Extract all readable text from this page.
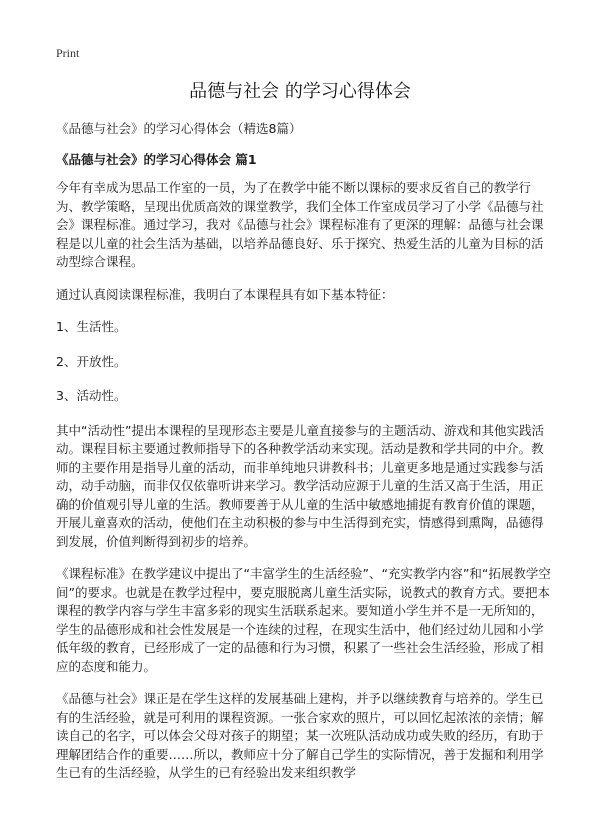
Print
品德与社会 的学习心得体会
《品德与社会》的学习心得体会（精选8篇）
《品德与社会》的学习心得体会 篇1

今年有幸成为思品工作室的一员，为了在教学中能不断以课标的要求反省自己的教学行为、教学策略，呈现出优质高效的课堂教学，我们全体工作室成员学习了小学《品德与社会》课程标准。通过学习，我对《品德与社会》课程标准有了更深的理解：品德与社会课程是以儿童的社会生活为基础，以培养品德良好、乐于探究、热爱生活的儿童为目标的活动型综合课程。

通过认真阅读课程标准，我明白了本课程具有如下基本特征：

1、生活性。

2、开放性。

3、活动性。

其中“活动性”提出本课程的呈现形态主要是儿童直接参与的主题活动、游戏和其他实践活动。课程目标主要通过教师指导下的各种教学活动来实现。活动是教和学共同的中介。教师的主要作用是指导儿童的活动，而非单纯地只讲教科书；儿童更多地是通过实践参与活动，动手动脑，而非仅仅依靠听讲来学习。教学活动应源于儿童的生活又高于生活，用正确的价值观引导儿童的生活。教师要善于从儿童的生活中敏感地捕捉有教育价值的课题，开展儿童喜欢的活动，使他们在主动积极的参与中生活得到充实，情感得到熏陶，品德得到发展，价值判断得到初步的培养。

《课程标准》在教学建议中提出了“丰富学生的生活经验”、“充实教学内容”和“拓展教学空间”的要求。也就是在教学过程中，要克服脱离儿童生活实际，说教式的教育方式。要把本课程的教学内容与学生丰富多彩的现实生活联系起来。要知道小学生并不是一无所知的，学生的品德形成和社会性发展是一个连续的过程，在现实生活中，他们经过幼儿园和小学低年级的教育，已经形成了一定的品德和行为习惯，积累了一些社会生活经验，形成了相应的态度和能力。

《品德与社会》课正是在学生这样的发展基础上建构，并予以继续教育与培养的。学生已有的生活经验，就是可利用的课程资源。一张合家欢的照片，可以回忆起浓浓的亲情；解读自己的名字，可以体会父母对孩子的期望；某一次班队活动成功或失败的经历，有助于理解团结合作的重要……所以，教师应十分了解自己学生的实际情况，善于发掘和利用学生已有的生活经验，从学生的已有经验出发来组织教学
